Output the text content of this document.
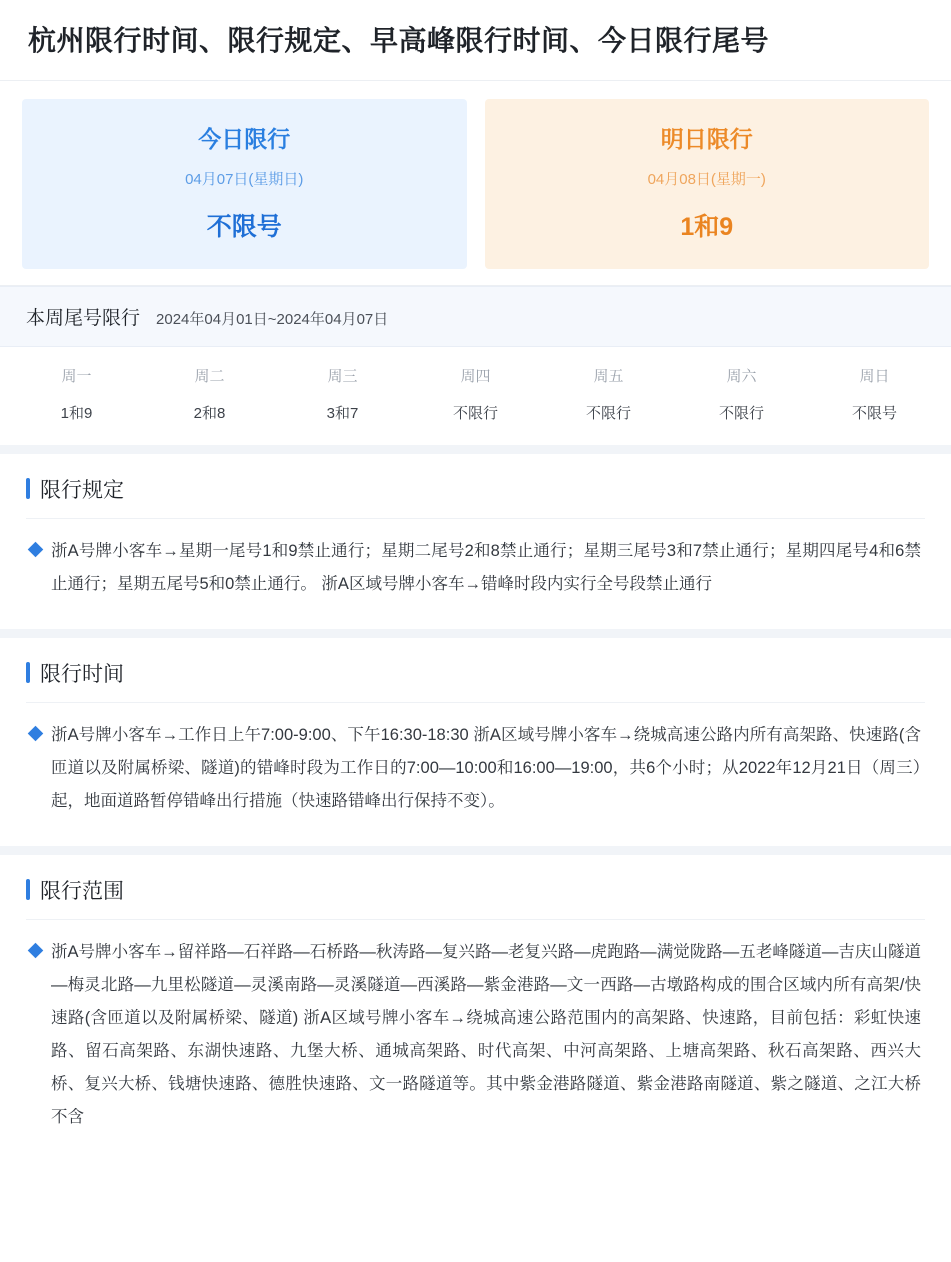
杭州限行时间、限行规定、早高峰限行时间、今日限行尾号
今日限行
04月07日(星期日)
不限号
明日限行
04月08日(星期一)
1和9
本周尾号限行 2024年04月01日~2024年04月07日
周一
1和9
周二
2和8
周三
3和7
周四
不限行
周五
不限行
周六
不限行
周日
不限号
限行规定
浙A号牌小客车→星期一尾号1和9禁止通行；星期二尾号2和8禁止通行；星期三尾号3和7禁止通行；星期四尾号4和6禁止通行；星期五尾号5和0禁止通行。 浙A区域号牌小客车→错峰时段内实行全号段禁止通行
限行时间
浙A号牌小客车→工作日上午7:00-9:00、下午16:30-18:30 浙A区域号牌小客车→绕城高速公路内所有高架路、快速路(含匝道以及附属桥梁、隧道)的错峰时段为工作日的7:00—10:00和16:00—19:00，共6个小时；从2022年12月21日（周三）起，地面道路暂停错峰出行措施（快速路错峰出行保持不变）。
限行范围
浙A号牌小客车→留祥路—石祥路—石桥路—秋涛路—复兴路—老复兴路—虎跑路—满觉陇路—五老峰隧道—吉庆山隧道—梅灵北路—九里松隧道—灵溪南路—灵溪隧道—西溪路—紫金港路—文一西路—古墩路构成的围合区域内所有高架/快速路(含匝道以及附属桥梁、隧道) 浙A区域号牌小客车→绕城高速公路范围内的高架路、快速路，目前包括：彩虹快速路、留石高架路、东湖快速路、九堡大桥、通城高架路、时代高架、中河高架路、上塘高架路、秋石高架路、西兴大桥、复兴大桥、钱塘快速路、德胜快速路、文一路隧道等。其中紫金港路隧道、紫金港路南隧道、紫之隧道、之江大桥不含
